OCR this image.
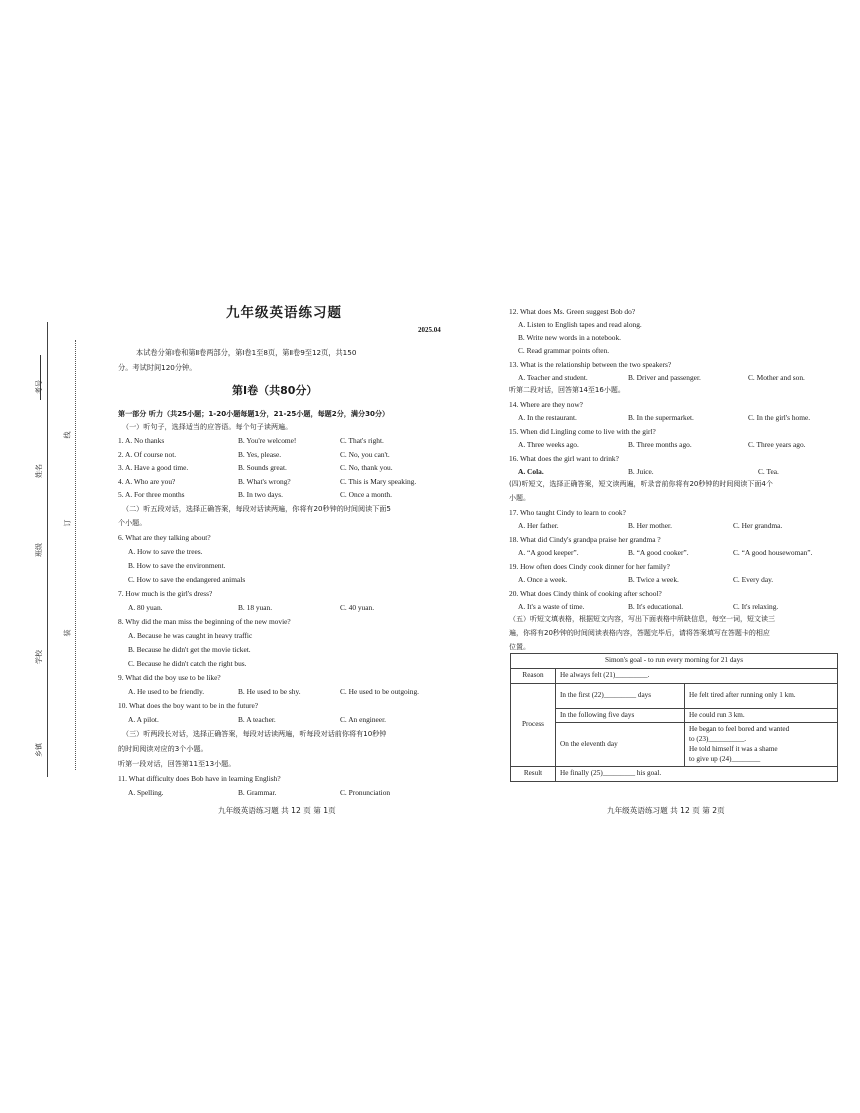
考号
线
姓名
订
班级
学校
装
乡镇
九年级英语练习题
2025.04
本试卷分第Ⅰ卷和第Ⅱ卷两部分，第Ⅰ卷1至8页，第Ⅱ卷9至12页，共150
分。考试时间120分钟。
第Ⅰ卷（共80分）
第一部分 听力（共25小题；1-20小题每题1分，21-25小题，每题2分，满分30分）
（一）听句子，选择适当的应答语。每个句子读两遍。
1. A. No thanks	B. You're welcome!	C. That's right.
2. A. Of course not.	B. Yes, please.	C. No, you can't.
3. A. Have a good time.	B. Sounds great.	C. No, thank you.
4. A. Who are you?	B. What's wrong?	C. This is Mary speaking.
5. A. For three months	B. In two days.	C. Once a month.
（二）听五段对话，选择正确答案，每段对话读两遍，你将有20秒钟的时间阅读下面5
个小题。
6. What are they talking about?
A. How to save the trees.
B. How to save the environment.
C. How to save the endangered animals
7. How much is the girl's dress?
A. 80 yuan.	B. 18 yuan.	C. 40 yuan.
8. Why did the man miss the beginning of the new movie?
A. Because he was caught in heavy traffic
B. Because he didn't get the movie ticket.
C. Because he didn't catch the right bus.
9. What did the boy use to be like?
A. He used to be friendly.	B. He used to be shy.	C. He used to be outgoing.
10. What does the boy want to be in the future?
A. A pilot.	B. A teacher.	C. An engineer.
（三）听两段长对话，选择正确答案，每段对话读两遍，听每段对话前你将有10秒钟
的时间阅读对应的3个小题。
听第一段对话，回答第11至13小题。
11. What difficulty does Bob have in learning English?
A. Spelling.	B. Grammar.	C. Pronunciation
九年级英语练习题 共 12 页 第 1页
12. What does Ms. Green suggest Bob do?
A. Listen to English tapes and read along.
B. Write new words in a notebook.
C. Read grammar points often.
13. What is the relationship between the two speakers?
A. Teacher and student.	B. Driver and passenger.	C. Mother and son.
听第二段对话，回答第14至16小题。
14. Where are they now?
A. In the restaurant.	B. In the supermarket.	C. In the girl's home.
15. When did Lingling come to live with the girl?
A. Three weeks ago.	B. Three months ago.	C. Three years ago.
16. What does the girl want to drink?
A. Cola.	B. Juice.	C. Tea.
(四)听短文，选择正确答案，短文读两遍，听录音前你将有20秒钟的时间阅读下面4个
小题。
17. Who taught Cindy to learn to cook?
A. Her father.	B. Her mother.	C. Her grandma.
18. What did Cindy's grandpa praise her grandma ?
A. “A good keeper”.	B. “A good cooker”.	C. “A good housewoman”.
19. How often does Cindy cook dinner for her family?
A. Once a week.	B. Twice a week.	C. Every day.
20. What does Cindy think of cooking after school?
A. It's a waste of time.	B. It's educational.	C. It's relaxing.
（五）听短文填表格，根据短文内容，写出下面表格中所缺信息，每空一词，短文读三
遍，你将有20秒钟的时间阅读表格内容，答题完毕后，请将答案填写在答题卡的相应
位置。
Simon's goal - to run every morning for 21 days		
Reason	He always felt (21)_________.	
Process	In the first (22)_________ days	He felt tired after running only 1 km.
	In the following five days	He could run 3 km.
	On the eleventh day	He began to feel bored and wanted
to (23)__________.
He told himself it was a shame
to give up (24)________

Result	He finally (25)_________ his goal.	
九年级英语练习题 共 12 页 第 2页
